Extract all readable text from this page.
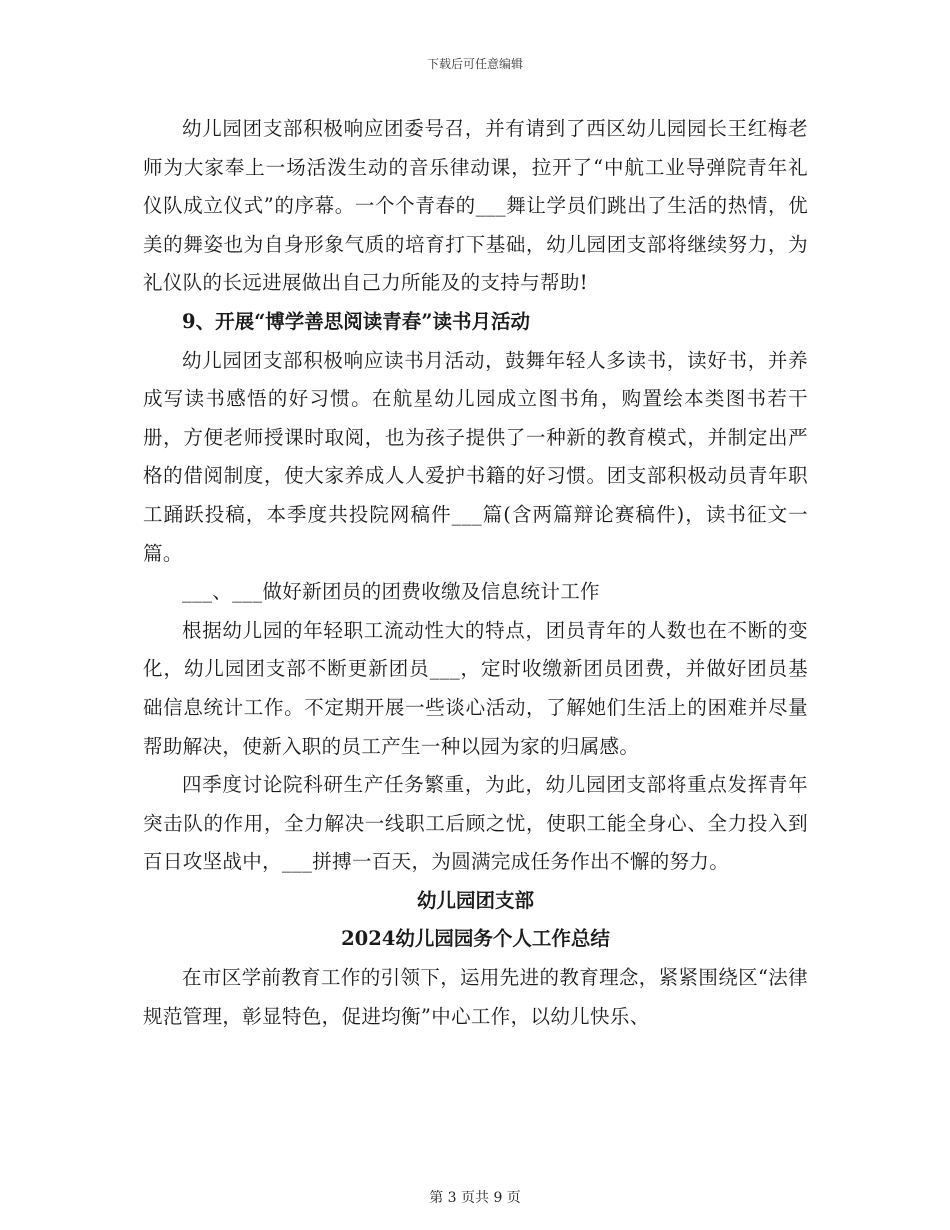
下载后可任意编辑

幼儿园团支部积极响应团委号召，并有请到了西区幼儿园园长王红梅老师为大家奉上一场活泼生动的音乐律动课，拉开了“中航工业导弹院青年礼仪队成立仪式”的序幕。一个个青春的___舞让学员们跳出了生活的热情，优美的舞姿也为自身形象气质的培育打下基础，幼儿园团支部将继续努力，为礼仪队的长远进展做出自己力所能及的支持与帮助!

9、开展“博学善思阅读青春”读书月活动

幼儿园团支部积极响应读书月活动，鼓舞年轻人多读书，读好书，并养成写读书感悟的好习惯。在航星幼儿园成立图书角，购置绘本类图书若干册，方便老师授课时取阅，也为孩子提供了一种新的教育模式，并制定出严格的借阅制度，使大家养成人人爱护书籍的好习惯。团支部积极动员青年职工踊跃投稿，本季度共投院网稿件___篇(含两篇辩论赛稿件)，读书征文一篇。

___、___做好新团员的团费收缴及信息统计工作

根据幼儿园的年轻职工流动性大的特点，团员青年的人数也在不断的变化，幼儿园团支部不断更新团员___，定时收缴新团员团费，并做好团员基础信息统计工作。不定期开展一些谈心活动，了解她们生活上的困难并尽量帮助解决，使新入职的员工产生一种以园为家的归属感。

四季度讨论院科研生产任务繁重，为此，幼儿园团支部将重点发挥青年突击队的作用，全力解决一线职工后顾之忧，使职工能全身心、全力投入到百日攻坚战中，___拼搏一百天，为圆满完成任务作出不懈的努力。

幼儿园团支部

2024幼儿园园务个人工作总结

在市区学前教育工作的引领下，运用先进的教育理念，紧紧围绕区“法律规范管理，彰显特色，促进均衡”中心工作，以幼儿快乐、

第 3 页共 9 页
